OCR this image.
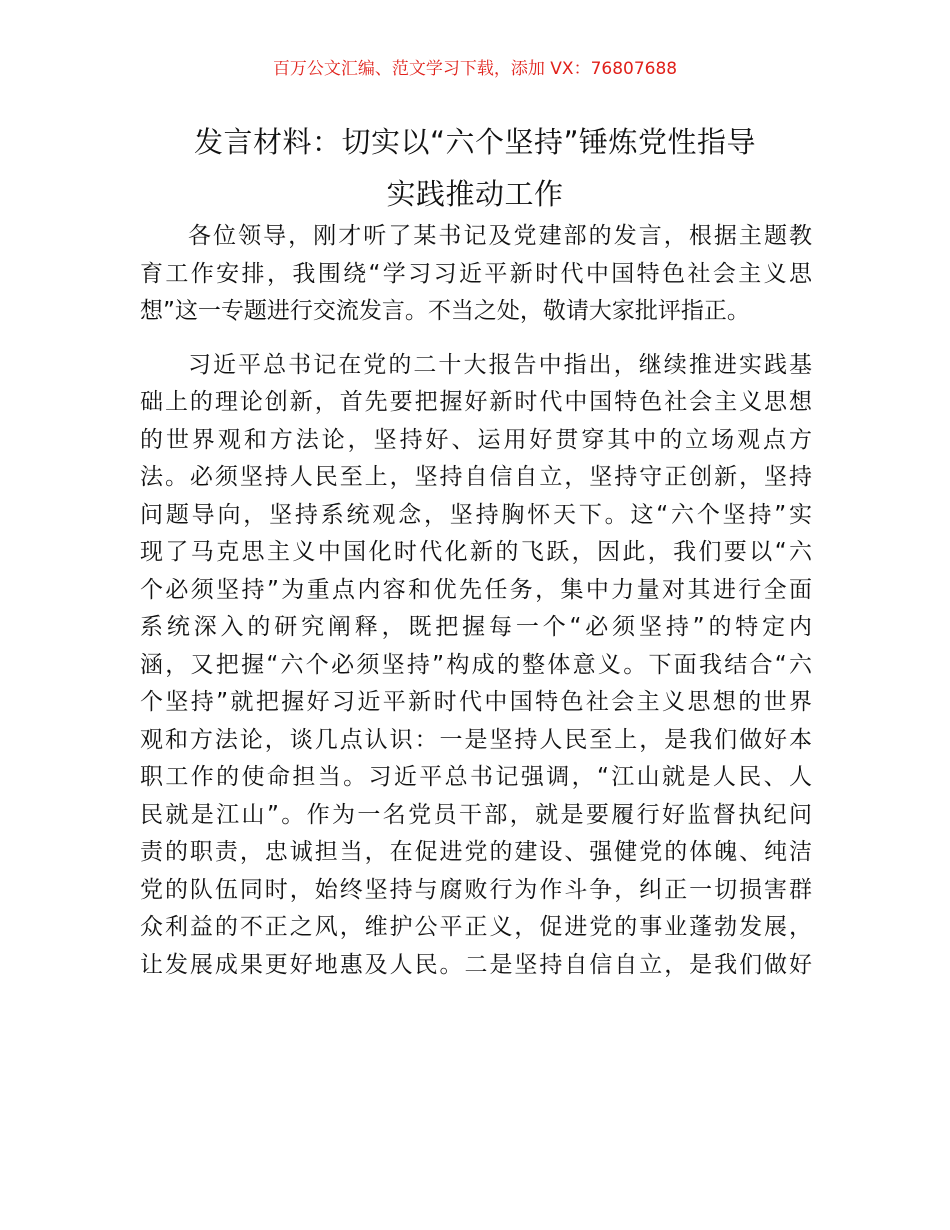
百万公文汇编、范文学习下载，添加 VX：76807688
发言材料：切实以“六个坚持”锤炼党性指导
实践推动工作
各位领导，刚才听了某书记及党建部的发言，根据主题教
育工作安排，我围绕“学习习近平新时代中国特色社会主义思
想”这一专题进行交流发言。不当之处，敬请大家批评指正。
习近平总书记在党的二十大报告中指出，继续推进实践基
础上的理论创新，首先要把握好新时代中国特色社会主义思想
的世界观和方法论，坚持好、运用好贯穿其中的立场观点方
法。必须坚持人民至上，坚持自信自立，坚持守正创新，坚持
问题导向，坚持系统观念，坚持胸怀天下。这“六个坚持”实
现了马克思主义中国化时代化新的飞跃，因此，我们要以“六
个必须坚持”为重点内容和优先任务，集中力量对其进行全面
系统深入的研究阐释，既把握每一个“必须坚持”的特定内
涵，又把握“六个必须坚持”构成的整体意义。下面我结合“六
个坚持”就把握好习近平新时代中国特色社会主义思想的世界
观和方法论，谈几点认识：一是坚持人民至上，是我们做好本
职工作的使命担当。习近平总书记强调，“江山就是人民、人
民就是江山”。作为一名党员干部，就是要履行好监督执纪问
责的职责，忠诚担当，在促进党的建设、强健党的体魄、纯洁
党的队伍同时，始终坚持与腐败行为作斗争，纠正一切损害群
众利益的不正之风，维护公平正义，促进党的事业蓬勃发展，
让发展成果更好地惠及人民。二是坚持自信自立，是我们做好
